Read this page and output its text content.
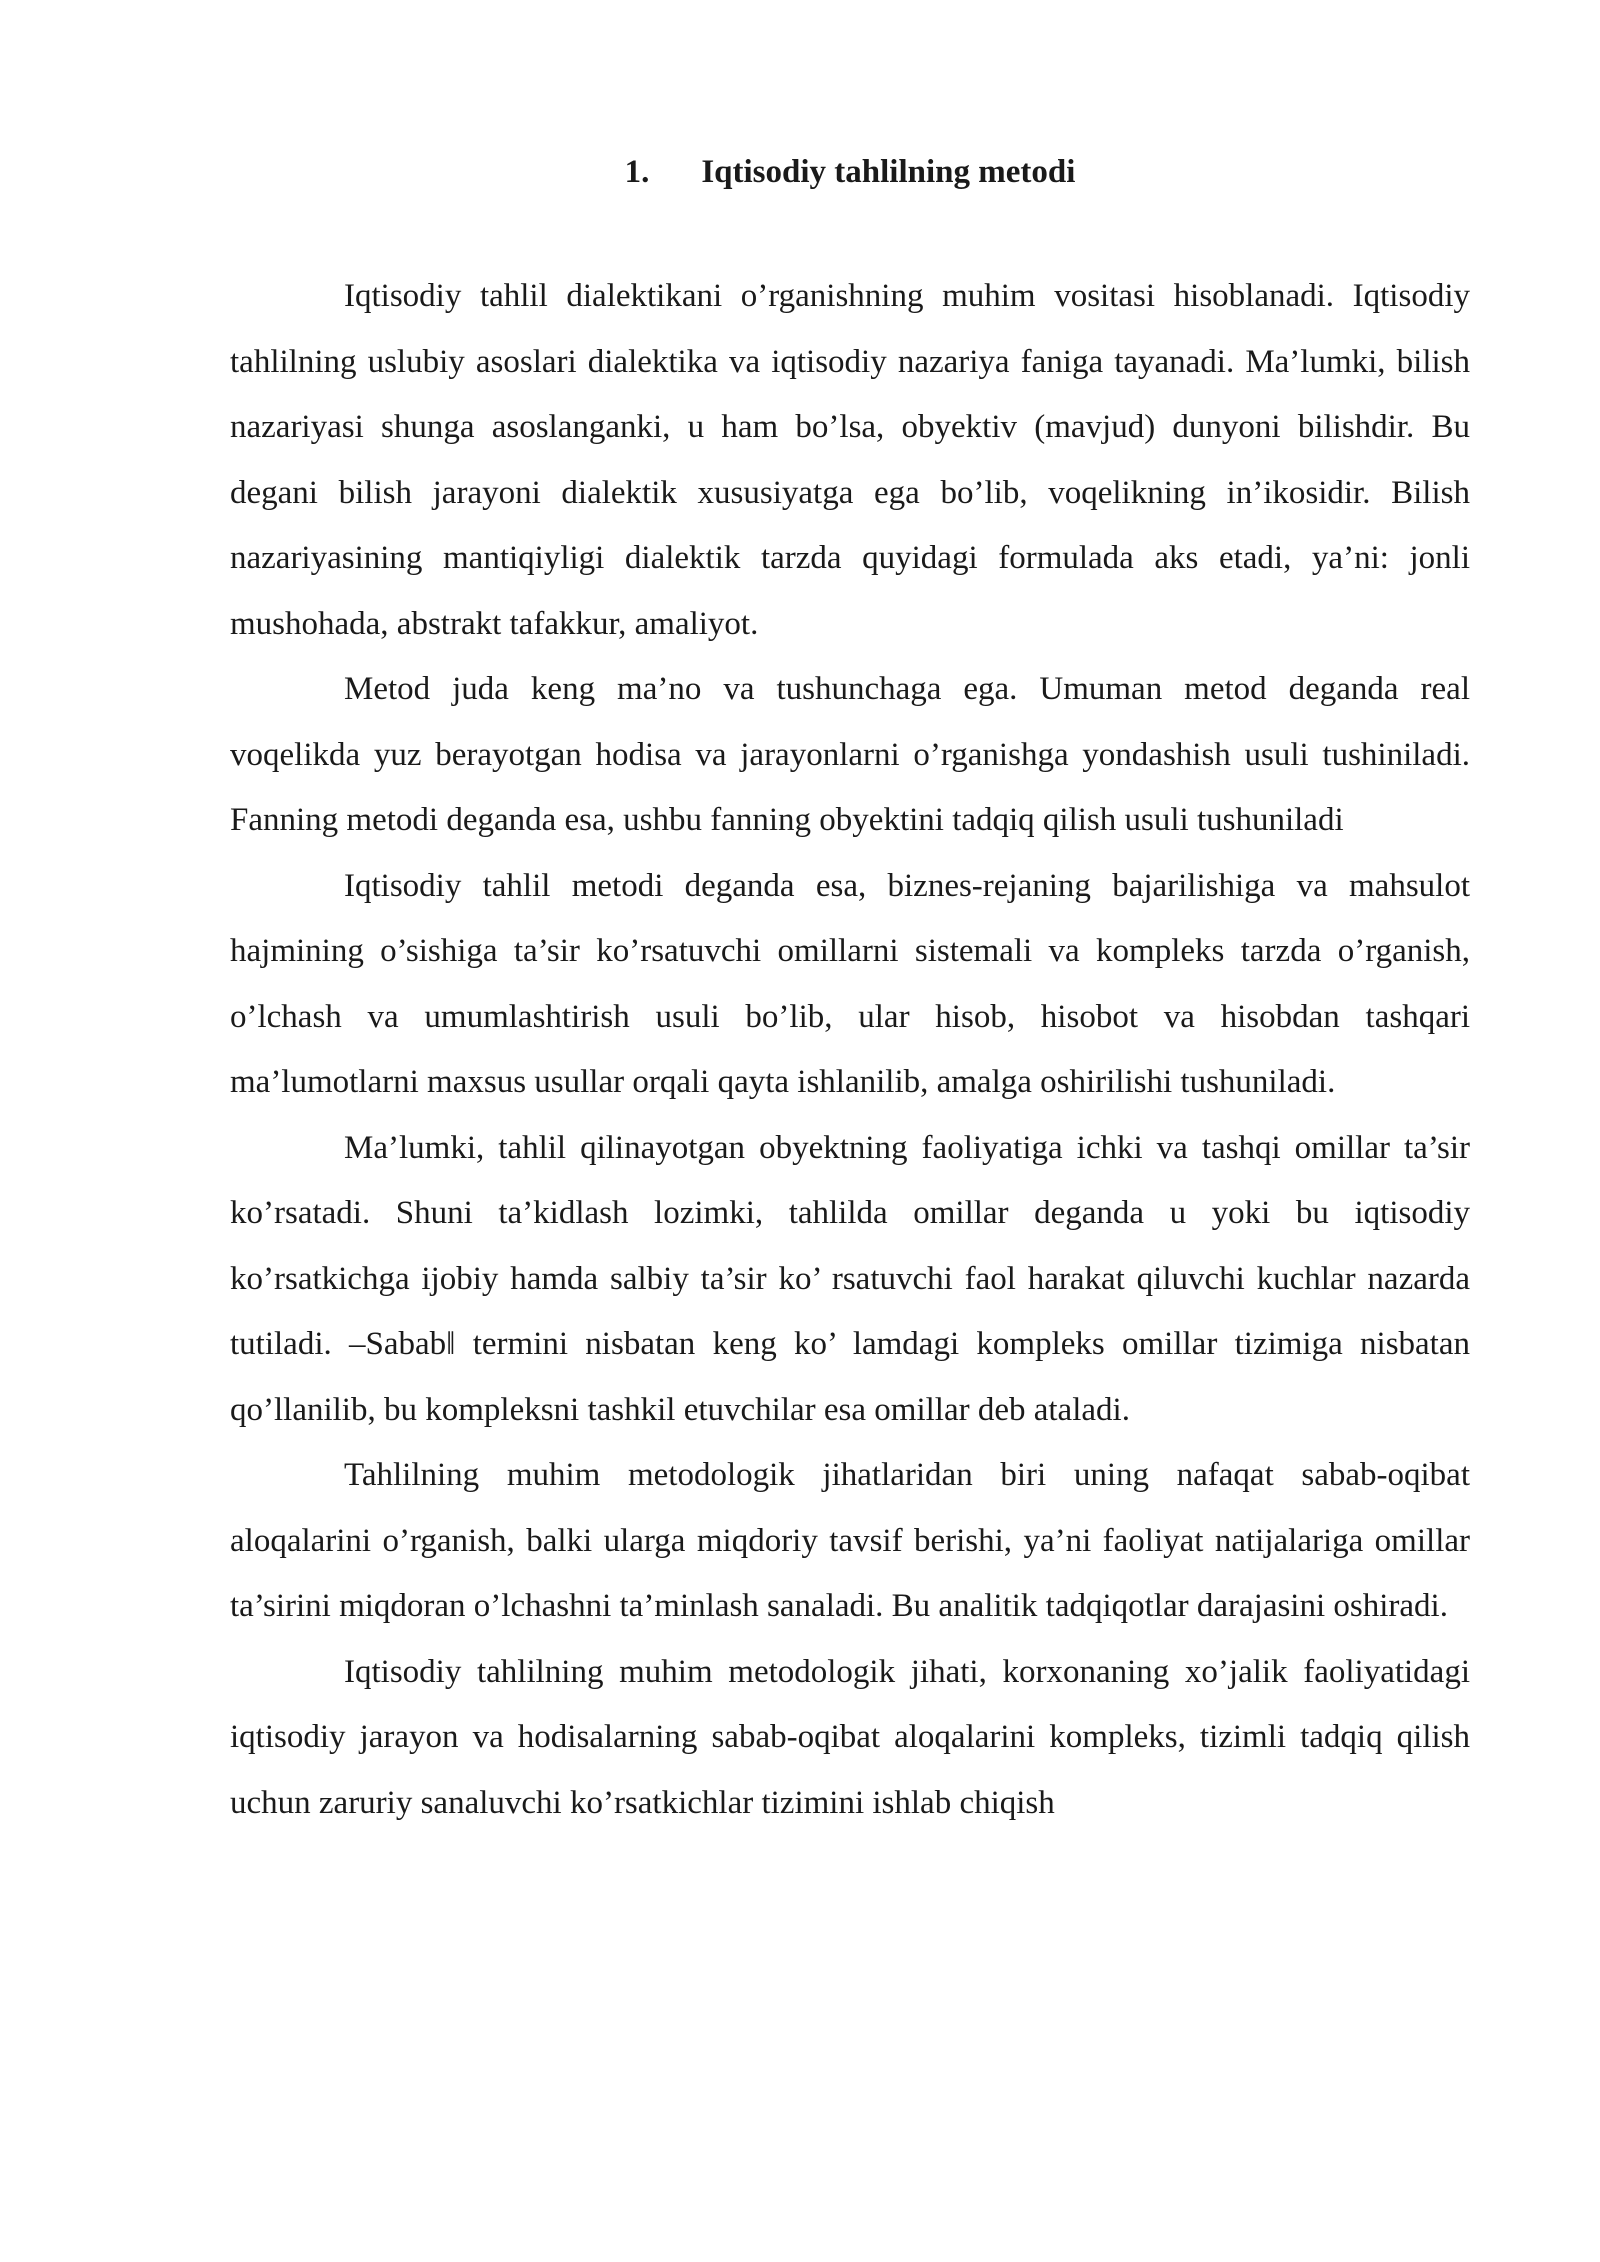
1. Iqtisodiy tahlilning metodi

Iqtisodiy tahlil dialektikani o’rganishning muhim vositasi hisoblanadi. Iqtisodiy tahlilning uslubiy asoslari dialektika va iqtisodiy nazariya faniga tayanadi. Ma’lumki, bilish nazariyasi shunga asoslanganki, u ham bo’lsa, obyektiv (mavjud) dunyoni bilishdir. Bu degani bilish jarayoni dialektik xususiyatga ega bo’lib, voqelikning in’ikosidir. Bilish nazariyasining mantiqiyligi dialektik tarzda quyidagi formulada aks etadi, ya’ni: jonli mushohada, abstrakt tafakkur, amaliyot.

Metod juda keng ma’no va tushunchaga ega. Umuman metod deganda real voqelikda yuz berayotgan hodisa va jarayonlarni o’rganishga yondashish usuli tushiniladi. Fanning metodi deganda esa, ushbu fanning obyektini tadqiq qilish usuli tushuniladi

Iqtisodiy tahlil metodi deganda esa, biznes-rejaning bajarilishiga va mahsulot hajmining o’sishiga ta’sir ko’rsatuvchi omillarni sistemali va kompleks tarzda o’rganish, o’lchash va umumlashtirish usuli bo’lib, ular hisob, hisobot va hisobdan tashqari ma’lumotlarni maxsus usullar orqali qayta ishlanilib, amalga oshirilishi tushuniladi.

Ma’lumki, tahlil qilinayotgan obyektning faoliyatiga ichki va tashqi omillar ta’sir ko’rsatadi. Shuni ta’kidlash lozimki, tahlilda omillar deganda u yoki bu iqtisodiy ko’rsatkichga ijobiy hamda salbiy ta’sir ko’ rsatuvchi faol harakat qiluvchi kuchlar nazarda tutiladi. ‒Sabab‖ termini nisbatan keng ko’ lamdagi kompleks omillar tizimiga nisbatan qo’llanilib, bu kompleksni tashkil etuvchilar esa omillar deb ataladi.

Tahlilning muhim metodologik jihatlaridan biri uning nafaqat sabab-oqibat aloqalarini o’rganish, balki ularga miqdoriy tavsif berishi, ya’ni faoliyat natijalariga omillar ta’sirini miqdoran o’lchashni ta’minlash sanaladi. Bu analitik tadqiqotlar darajasini oshiradi.

Iqtisodiy tahlilning muhim metodologik jihati, korxonaning xo’jalik faoliyatidagi iqtisodiy jarayon va hodisalarning sabab-oqibat aloqalarini kompleks, tizimli tadqiq qilish uchun zaruriy sanaluvchi ko’rsatkichlar tizimini ishlab chiqish
